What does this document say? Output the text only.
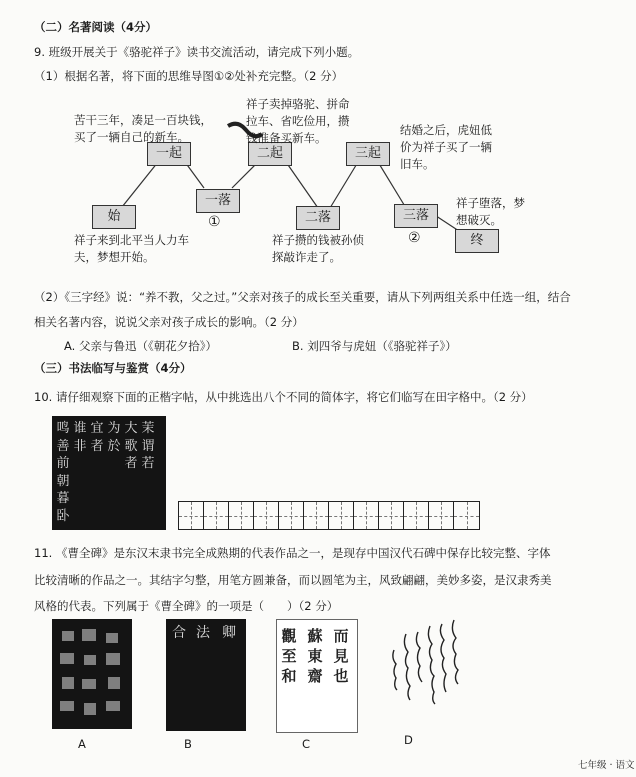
（二）名著阅读（4分）
9. 班级开展关于《骆驼祥子》读书交流活动，请完成下列小题。
（1）根据名著，将下面的思维导图①②处补充完整。（2 分）
一起	二起	三起
始
一落
二落	三落
终
①
②
苦干三年，凑足一百块钱，买了一辆自己的新车。
祥子卖掉骆驼、拼命拉车、省吃俭用，攒钱准备买新车。
结婚之后，虎妞低价为祥子买了一辆旧车。
祥子来到北平当人力车夫，梦想开始。
祥子攒的钱被孙侦探敲诈走了。
祥子堕落，梦想破灭。
（2）《三字经》说：“养不教，父之过。”父亲对孩子的成长至关重要，请从下列两组关系中任选一组，结合
相关名著内容，说说父亲对孩子成长的影响。（2 分）
A. 父亲与鲁迅（《朝花夕拾》）	B. 刘四爷与虎妞（《骆驼祥子》）
（三）书法临写与鉴赏（4分）
10. 请仔细观察下面的正楷字帖，从中挑选出八个不同的简体字，将它们临写在田字格中。（2 分）
鸣善前朝暮卧
谁非
宜者
为於
大歌者
茉谓若
11. 《曹全碑》是东汉末隶书完全成熟期的代表作品之一，是现存中国汉代石碑中保存比较完整、字体
比较清晰的作品之一。其结字匀整，用笔方圆兼备，而以圆笔为主，风致翩翩，美妙多姿，是汉隶秀美
风格的代表。下列属于《曹全碑》的一项是（　　）（2 分）
合 法 卿	觀至和
蘇東齋
而見也
A	B	C	D
七年级 · 语文
